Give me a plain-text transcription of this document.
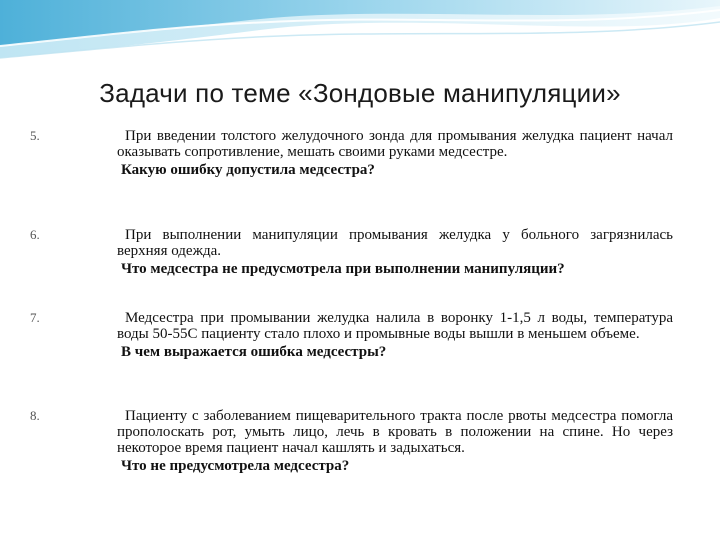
Задачи по теме «Зондовые манипуляции»
5.	При введении толстого желудочного зонда для промывания желудка пациент начал оказывать сопротивление, мешать своими руками медсестре.

Какую ошибку допустила медсестра?

6.	При выполнении манипуляции промывания желудка у больного загрязнилась верхняя одежда.

Что медсестра не предусмотрела при выполнении манипуляции?

7.	Медсестра при промывании желудка налила в воронку 1-1,5 л воды, температура воды 50-55С пациенту стало плохо и промывные воды вышли в меньшем объеме.

В чем выражается ошибка медсестры?

8.	Пациенту с заболеванием пищеварительного тракта после рвоты медсестра помогла прополоскать рот, умыть лицо, лечь в кровать в положении на спине. Но через некоторое время пациент начал кашлять и задыхаться.

Что не предусмотрела медсестра?
